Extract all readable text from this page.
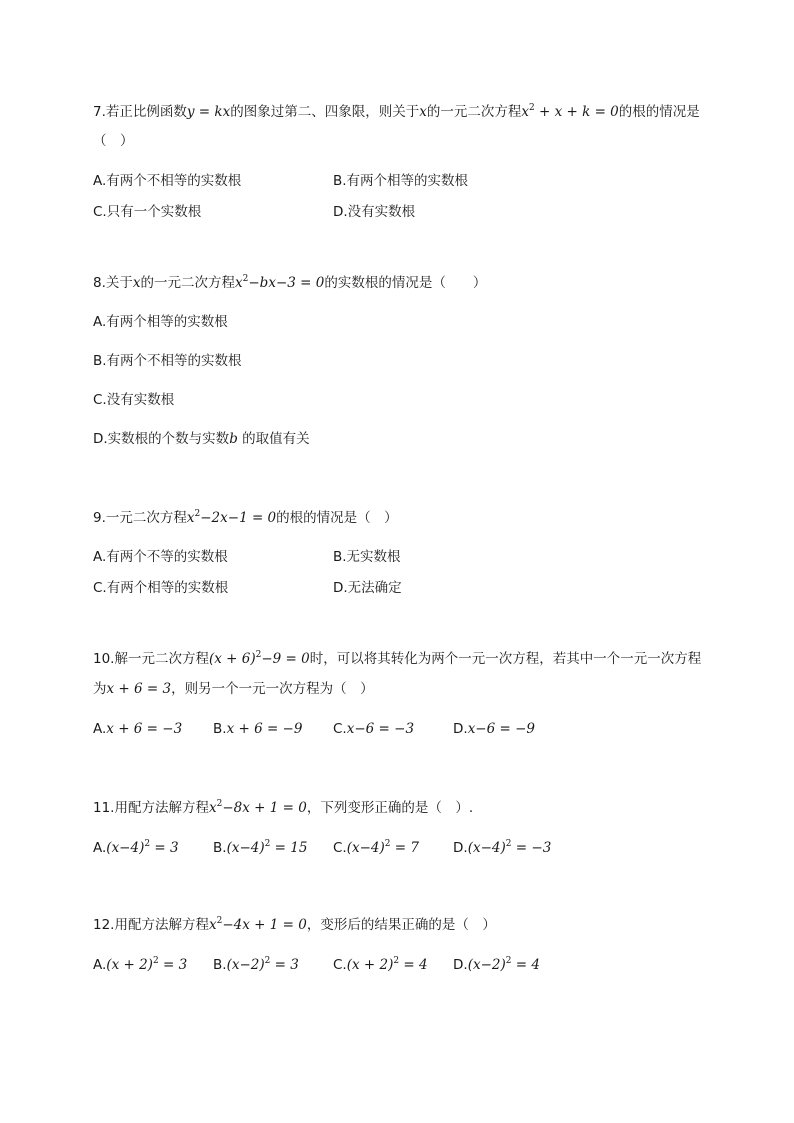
7.若正比例函数y = kx的图象过第二、四象限，则关于x的一元二次方程$x^2 + x + k = 0$的根的情况是
（　）
A.有两个不相等的实数根	B.有两个相等的实数根
C.只有一个实数根	D.没有实数根
8.关于x的一元二次方程$x^2-bx-3 = 0$的实数根的情况是（　　）
A.有两个相等的实数根
B.有两个不相等的实数根
C.没有实数根
D.实数根的个数与实数b 的取值有关
9.一元二次方程$x^2-2x-1 = 0$的根的情况是（　）
A.有两个不等的实数根	B.无实数根
C.有两个相等的实数根	D.无法确定
10.解一元二次方程$(x + 6)^2-9 = 0$时，可以将其转化为两个一元一次方程，若其中一个一元一次方程
为x + 6 = 3，则另一个一元一次方程为（　）
A.x + 6 = −3 B.x + 6 = −9 C.x−6 = −3	D.x−6 = −9
11.用配方法解方程$x^2-8x + 1 = 0$，下列变形正确的是（　）.
$A.(x-4)^2 = 3$	$B.(x-4)^2 = 15$ $C.(x-4)^2 = 7$	$D.(x-4)^2 = -3$
12.用配方法解方程$x^2-4x + 1 = 0$，变形后的结果正确的是（　）
$A.(x + 2)^2 = 3$ $B.(x-2)^2 = 3$	$C.(x + 2)^2 = 4$ $D.(x-2)^2 = 4$
